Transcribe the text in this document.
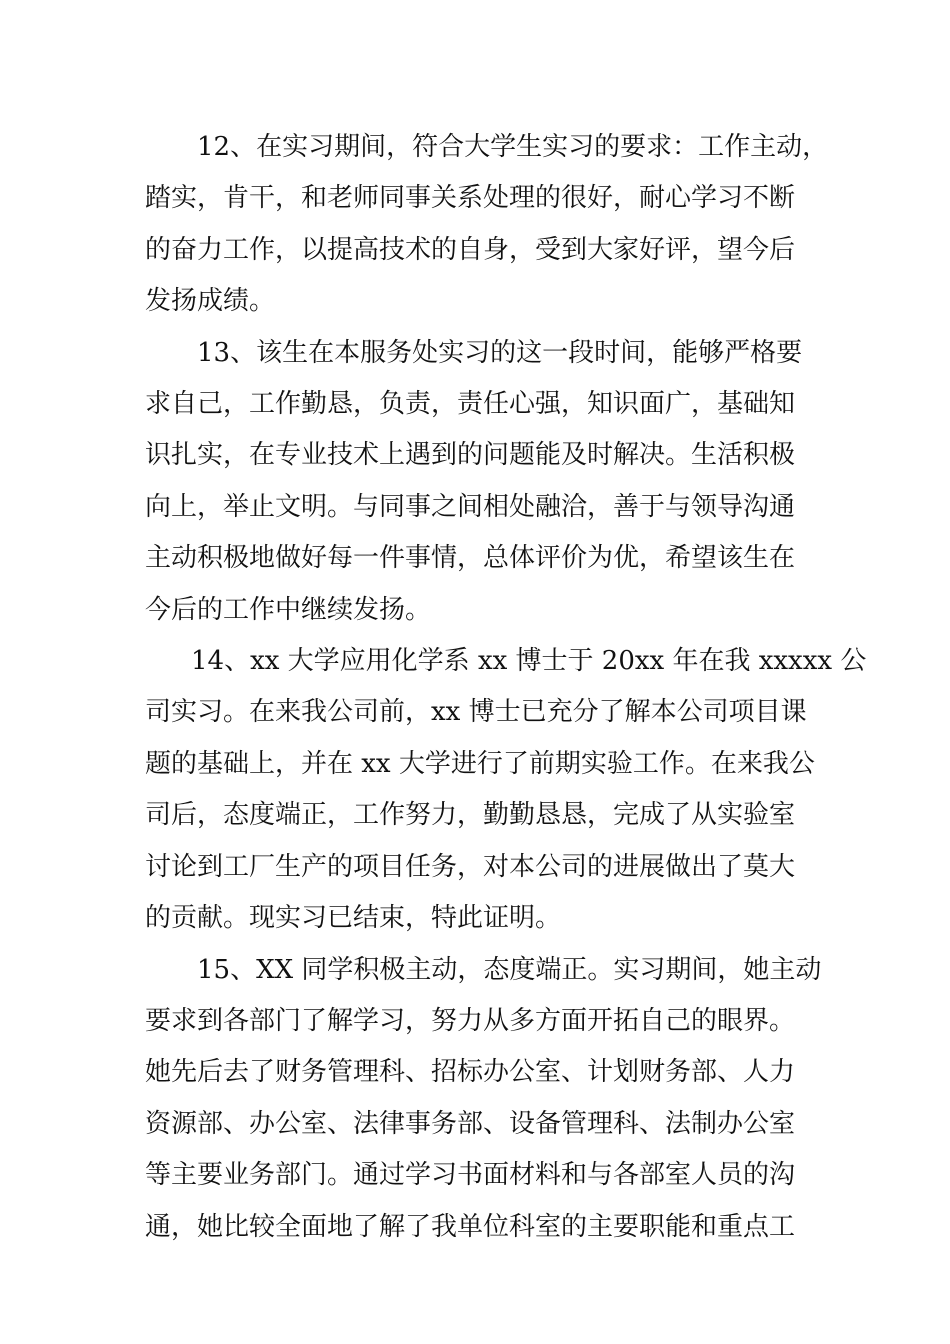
12、在实习期间，符合大学生实习的要求：工作主动，
踏实，肯干，和老师同事关系处理的很好，耐心学习不断
的奋力工作，以提高技术的自身，受到大家好评，望今后
发扬成绩。

13、该生在本服务处实习的这一段时间，能够严格要
求自己，工作勤恳，负责，责任心强，知识面广，基础知
识扎实，在专业技术上遇到的问题能及时解决。生活积极
向上，举止文明。与同事之间相处融洽，善于与领导沟通
主动积极地做好每一件事情，总体评价为优，希望该生在
今后的工作中继续发扬。

14、xx 大学应用化学系 xx 博士于 20xx 年在我 xxxxx 公
司实习。在来我公司前，xx 博士已充分了解本公司项目课
题的基础上，并在 xx 大学进行了前期实验工作。在来我公
司后，态度端正，工作努力，勤勤恳恳，完成了从实验室
讨论到工厂生产的项目任务，对本公司的进展做出了莫大
的贡献。现实习已结束，特此证明。

15、XX 同学积极主动，态度端正。实习期间，她主动
要求到各部门了解学习，努力从多方面开拓自己的眼界。
她先后去了财务管理科、招标办公室、计划财务部、人力
资源部、办公室、法律事务部、设备管理科、法制办公室
等主要业务部门。通过学习书面材料和与各部室人员的沟
通，她比较全面地了解了我单位科室的主要职能和重点工
